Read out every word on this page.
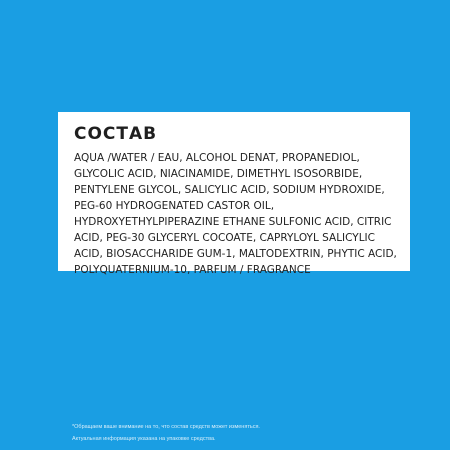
СОСТАВ

AQUA /WATER / EAU, ALCOHOL DENAT, PROPANEDIOL, GLYCOLIC ACID, NIACINAMIDE, DIMETHYL ISOSORBIDE, PENTYLENE GLYCOL, SALICYLIC ACID, SODIUM HYDROXIDE, PEG-60 HYDROGENATED CASTOR OIL, HYDROXYETHYLPIPERAZINE ETHANE SULFONIC ACID, CITRIC ACID, PEG-30 GLYCERYL COCOATE, CAPRYLOYL SALICYLIC ACID, BIOSACCHARIDE GUM-1, MALTODEXTRIN, PHYTIC ACID, POLYQUATERNIUM-10, PARFUM / FRAGRANCE

*Обращаем ваше внимание на то, что состав средств может изменяться.
Актуальная информация указана на упаковке средства.
